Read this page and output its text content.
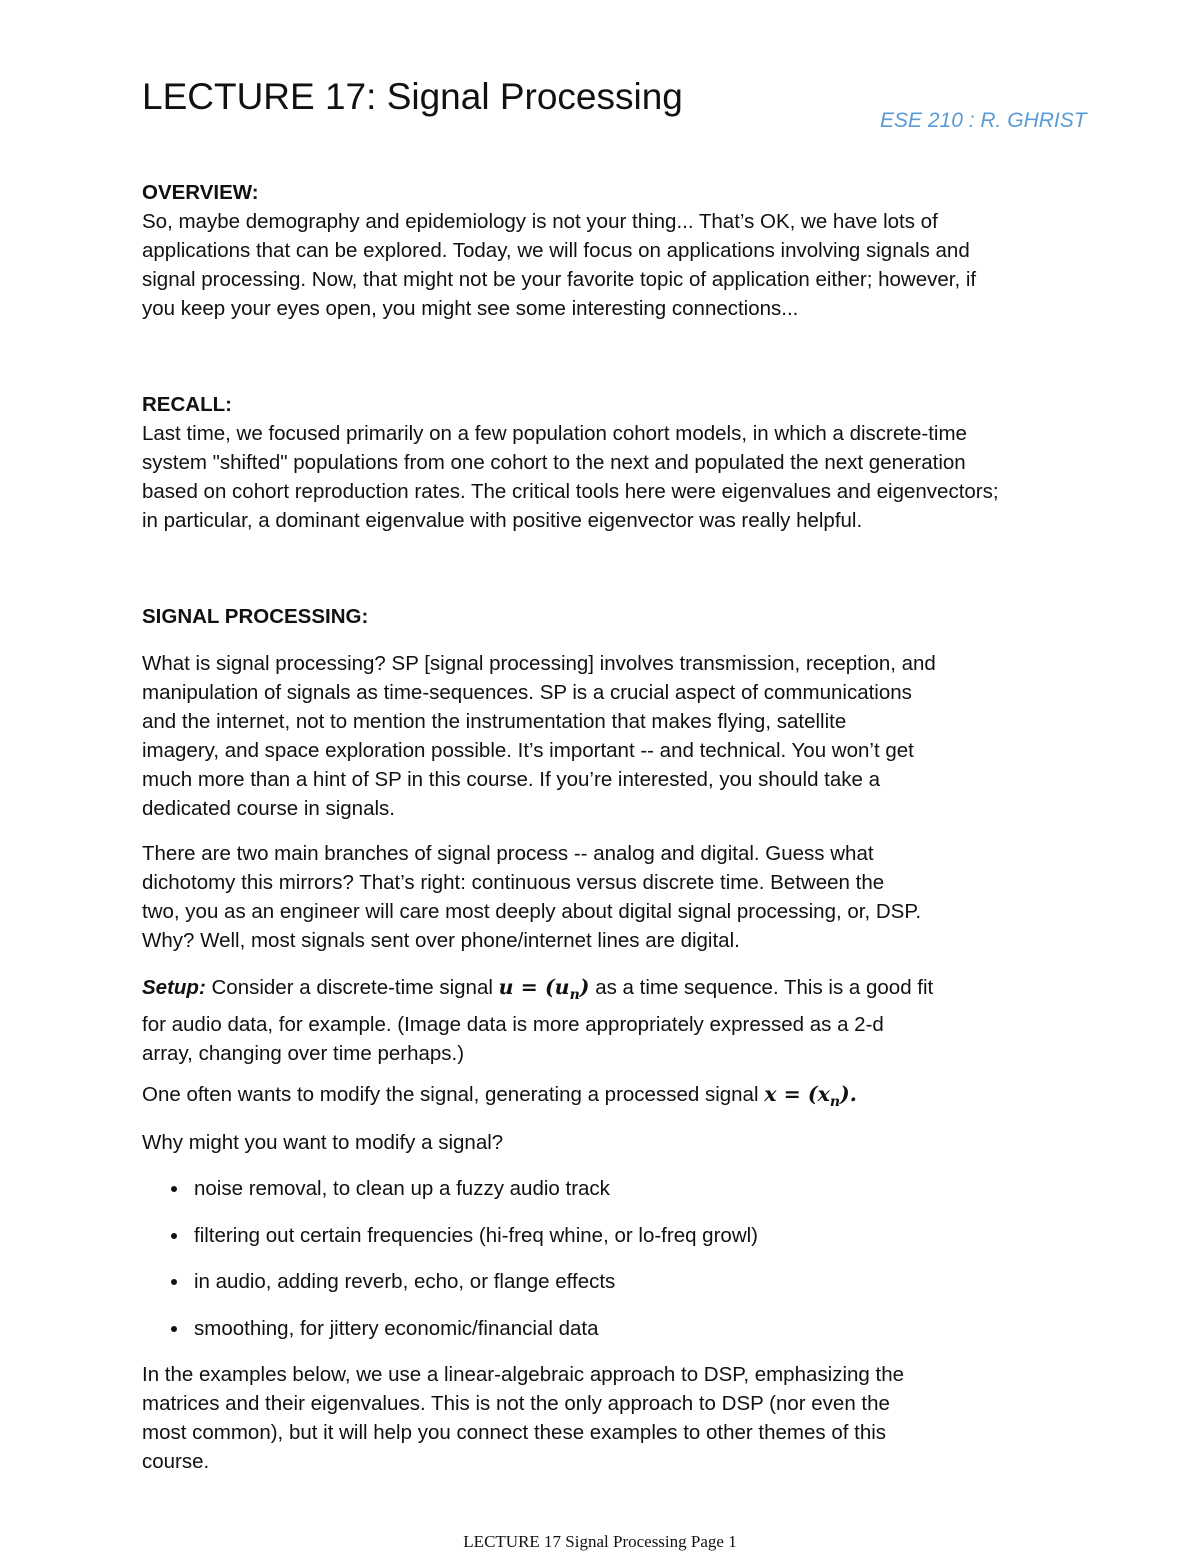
LECTURE 17: Signal Processing
ESE 210 : R. GHRIST
OVERVIEW:
So, maybe demography and epidemiology is not your thing... That’s OK, we have lots of
applications that can be explored. Today, we will focus on applications involving signals and
signal processing. Now, that might not be your favorite topic of application either; however, if
you keep your eyes open, you might see some interesting connections...
RECALL:
Last time, we focused primarily on a few population cohort models, in which a discrete-time
system "shifted" populations from one cohort to the next and populated the next generation
based on cohort reproduction rates. The critical tools here were eigenvalues and eigenvectors;
in particular, a dominant eigenvalue with positive eigenvector was really helpful.
SIGNAL PROCESSING:
What is signal processing? SP [signal processing] involves transmission, reception, and
manipulation of signals as time-sequences. SP is a crucial aspect of communications
and the internet, not to mention the instrumentation that makes flying, satellite
imagery, and space exploration possible. It’s important -- and technical. You won’t get
much more than a hint of SP in this course. If you’re interested, you should take a
dedicated course in signals.
There are two main branches of signal process -- analog and digital. Guess what
dichotomy this mirrors? That’s right: continuous versus discrete time. Between the
two, you as an engineer will care most deeply about digital signal processing, or, DSP.
Why? Well, most signals sent over phone/internet lines are digital.
Setup: Consider a discrete-time signal $u = (u_n)$ as a time sequence. This is a good fit
for audio data, for example. (Image data is more appropriately expressed as a 2-d
array, changing over time perhaps.)
One often wants to modify the signal, generating a processed signal $x = (x_n)$.
Why might you want to modify a signal?
noise removal, to clean up a fuzzy audio track
filtering out certain frequencies (hi-freq whine, or lo-freq growl)
in audio, adding reverb, echo, or flange effects
smoothing, for jittery economic/financial data
In the examples below, we use a linear-algebraic approach to DSP, emphasizing the
matrices and their eigenvalues. This is not the only approach to DSP (nor even the
most common), but it will help you connect these examples to other themes of this
course.
LECTURE 17 Signal Processing Page 1
